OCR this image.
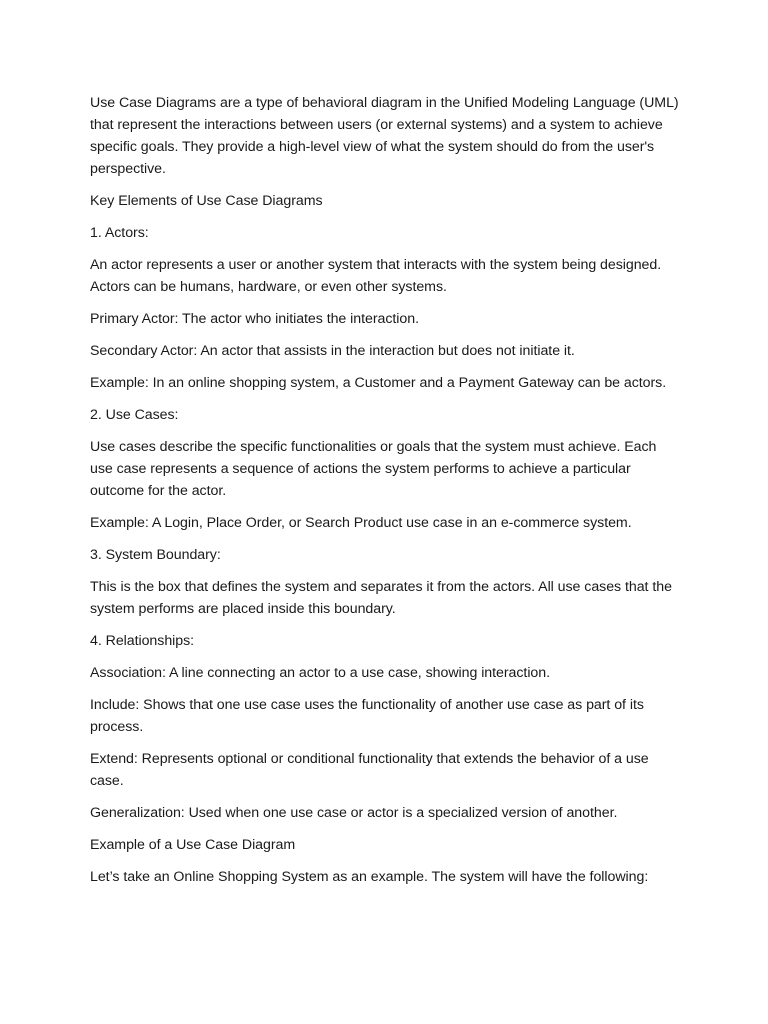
Use Case Diagrams are a type of behavioral diagram in the Unified Modeling Language (UML) that represent the interactions between users (or external systems) and a system to achieve specific goals. They provide a high-level view of what the system should do from the user's perspective.

Key Elements of Use Case Diagrams

1. Actors:

An actor represents a user or another system that interacts with the system being designed. Actors can be humans, hardware, or even other systems.

Primary Actor: The actor who initiates the interaction.

Secondary Actor: An actor that assists in the interaction but does not initiate it.

Example: In an online shopping system, a Customer and a Payment Gateway can be actors.

2. Use Cases:

Use cases describe the specific functionalities or goals that the system must achieve. Each use case represents a sequence of actions the system performs to achieve a particular outcome for the actor.

Example: A Login, Place Order, or Search Product use case in an e-commerce system.

3. System Boundary:

This is the box that defines the system and separates it from the actors. All use cases that the system performs are placed inside this boundary.

4. Relationships:

Association: A line connecting an actor to a use case, showing interaction.

Include: Shows that one use case uses the functionality of another use case as part of its process.

Extend: Represents optional or conditional functionality that extends the behavior of a use case.

Generalization: Used when one use case or actor is a specialized version of another.

Example of a Use Case Diagram

Let’s take an Online Shopping System as an example. The system will have the following:
